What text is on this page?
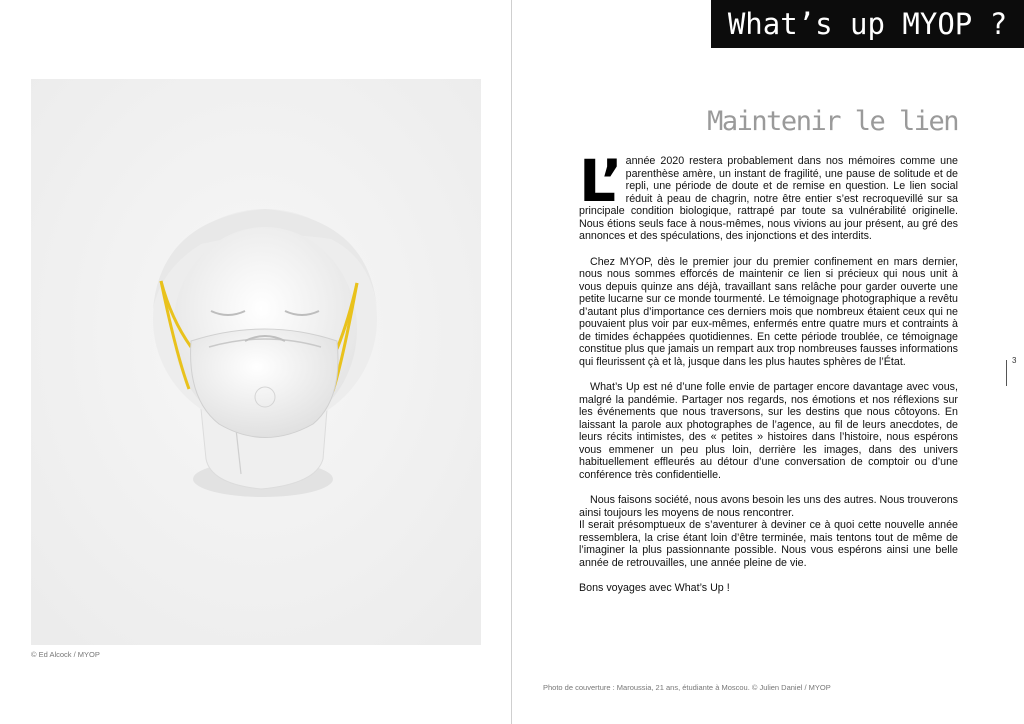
© Ed Alcock / MYOP
What’s up MYOP ?
Maintenir le lien

L’ année 2020 restera probablement dans nos mémoires comme une parenthèse amère, un instant de fragilité, une pause de solitude et de repli, une période de doute et de remise en question. Le lien social réduit à peau de chagrin, notre être entier s’est recroquevillé sur sa principale condition biologique, rattrapé par toute sa vulnérabilité originelle. Nous étions seuls face à nous-mêmes, nous vivions au jour présent, au gré des annonces et des spéculations, des injonctions et des interdits.

Chez MYOP, dès le premier jour du premier confinement en mars dernier, nous nous sommes efforcés de maintenir ce lien si précieux qui nous unit à vous depuis quinze ans déjà, travaillant sans relâche pour garder ouverte une petite lucarne sur ce monde tourmenté. Le témoignage photographique a revêtu d’autant plus d’importance ces derniers mois que nombreux étaient ceux qui ne pouvaient plus voir par eux-mêmes, enfermés entre quatre murs et contraints à de timides échappées quotidiennes. En cette période troublée, ce témoignage constitue plus que jamais un rempart aux trop nombreuses fausses informations qui fleurissent çà et là, jusque dans les plus hautes sphères de l’État.

What’s Up est né d’une folle envie de partager encore davantage avec vous, malgré la pandémie. Partager nos regards, nos émotions et nos réflexions sur les événements que nous traversons, sur les destins que nous côtoyons. En laissant la parole aux photographes de l’agence, au fil de leurs anecdotes, de leurs récits intimistes, des « petites » histoires dans l’histoire, nous espérons vous emmener un peu plus loin, derrière les images, dans des univers habituellement effleurés au détour d’une conversation de comptoir ou d’une conférence très confidentielle.

Nous faisons société, nous avons besoin les uns des autres. Nous trouverons ainsi toujours les moyens de nous rencontrer.

Il serait présomptueux de s’aventurer à deviner ce à quoi cette nouvelle année ressemblera, la crise étant loin d’être terminée, mais tentons tout de même de l’imaginer la plus passionnante possible. Nous vous espérons ainsi une belle année de retrouvailles, une année pleine de vie.

Bons voyages avec What’s Up !

3
Photo de couverture : Maroussia, 21 ans, étudiante à Moscou. © Julien Daniel / MYOP
